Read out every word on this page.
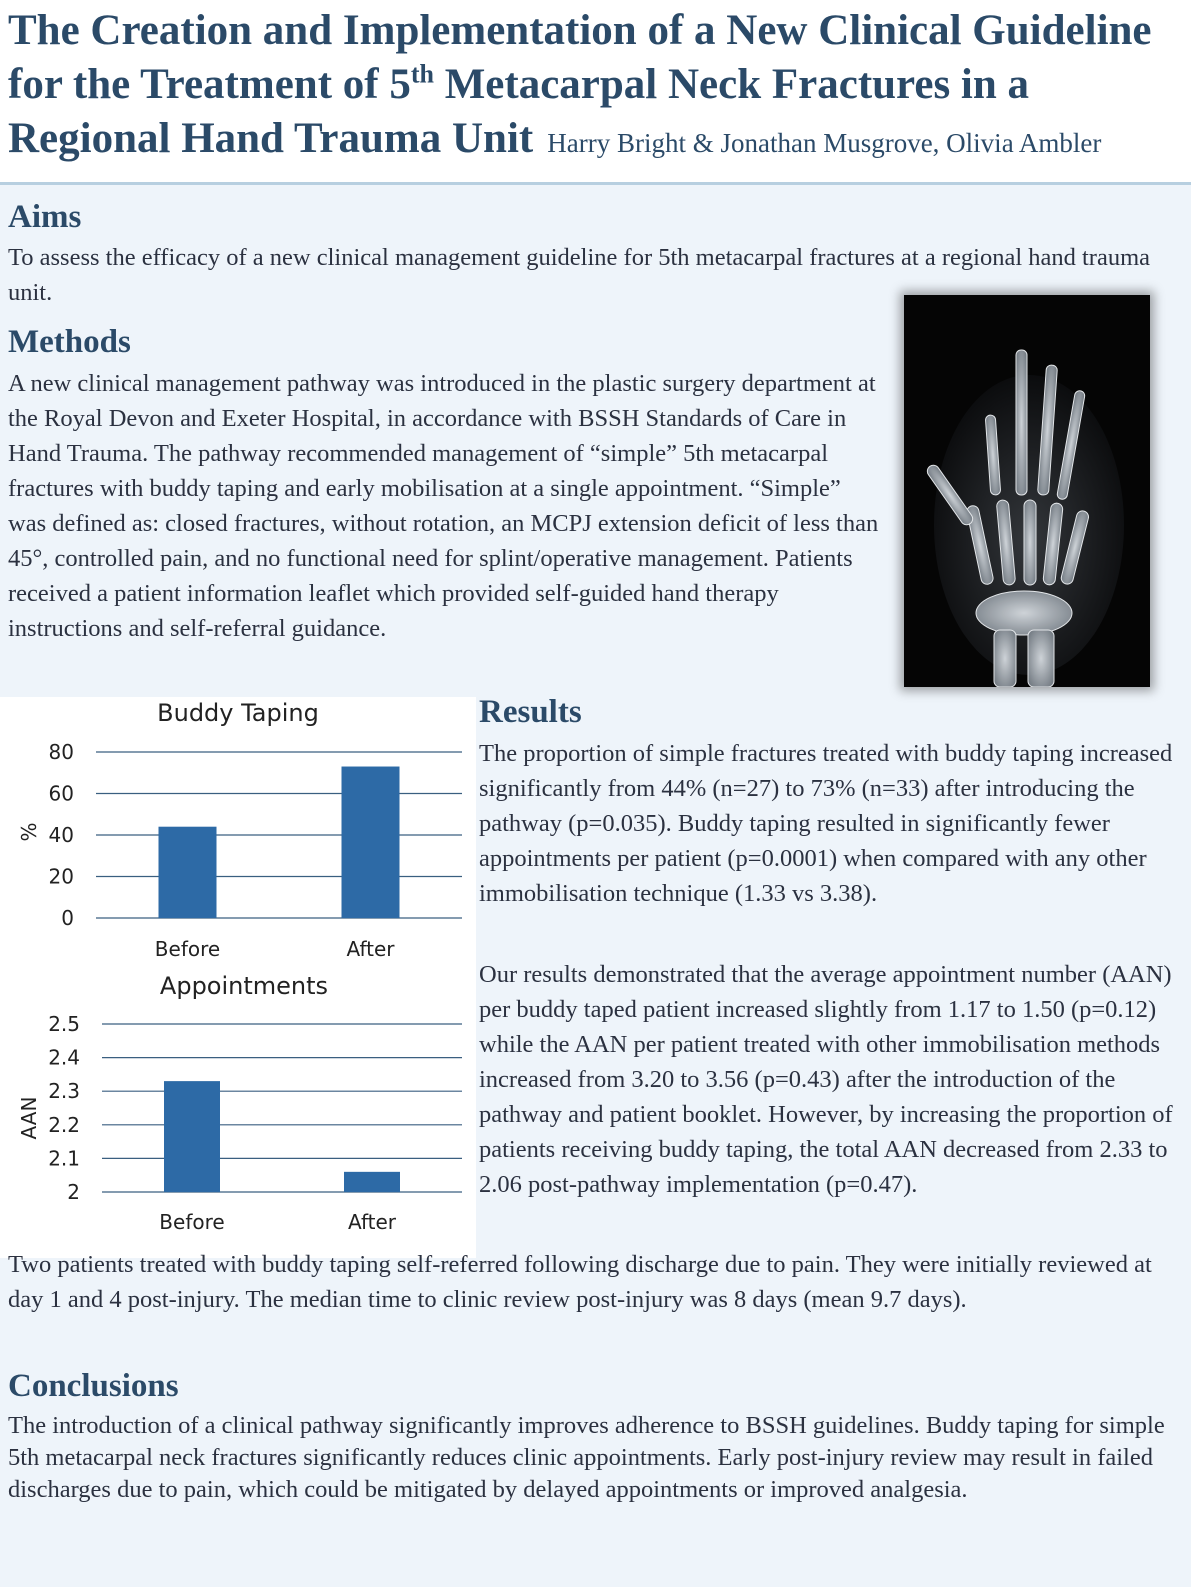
The Creation and Implementation of a New Clinical Guideline
for the Treatment of 5th Metacarpal Neck Fractures in a
Regional Hand Trauma Unit Harry Bright & Jonathan Musgrove, Olivia Ambler
Aims

To assess the efficacy of a new clinical management guideline for 5th metacarpal fractures at a regional hand trauma unit.

Methods

A new clinical management pathway was introduced in the plastic surgery department at the Royal Devon and Exeter Hospital, in accordance with BSSH Standards of Care in Hand Trauma. The pathway recommended management of “simple” 5th metacarpal fractures with buddy taping and early mobilisation at a single appointment. “Simple” was defined as: closed fractures, without rotation, an MCPJ extension deficit of less than 45°, controlled pain, and no functional need for splint/operative management. Patients received a patient information leaflet which provided self-guided hand therapy instructions and self-referral guidance.

Buddy Taping
0
20
40
60
80
Before	After
%
Appointments
2
2.1
2.2
2.3
2.4
2.5
Before	After
AAN
Results

The proportion of simple fractures treated with buddy taping increased significantly from 44% (n=27) to 73% (n=33) after introducing the pathway (p=0.035). Buddy taping resulted in significantly fewer appointments per patient (p=0.0001) when compared with any other immobilisation technique (1.33 vs 3.38).

Our results demonstrated that the average appointment number (AAN) per buddy taped patient increased slightly from 1.17 to 1.50 (p=0.12) while the AAN per patient treated with other immobilisation methods increased from 3.20 to 3.56 (p=0.43) after the introduction of the pathway and patient booklet. However, by increasing the proportion of patients receiving buddy taping, the total AAN decreased from 2.33 to 2.06 post-pathway implementation (p=0.47).

Two patients treated with buddy taping self-referred following discharge due to pain. They were initially reviewed at day 1 and 4 post-injury. The median time to clinic review post-injury was 8 days (mean 9.7 days).

Conclusions

The introduction of a clinical pathway significantly improves adherence to BSSH guidelines. Buddy taping for simple 5th metacarpal neck fractures significantly reduces clinic appointments. Early post-injury review may result in failed discharges due to pain, which could be mitigated by delayed appointments or improved analgesia.
